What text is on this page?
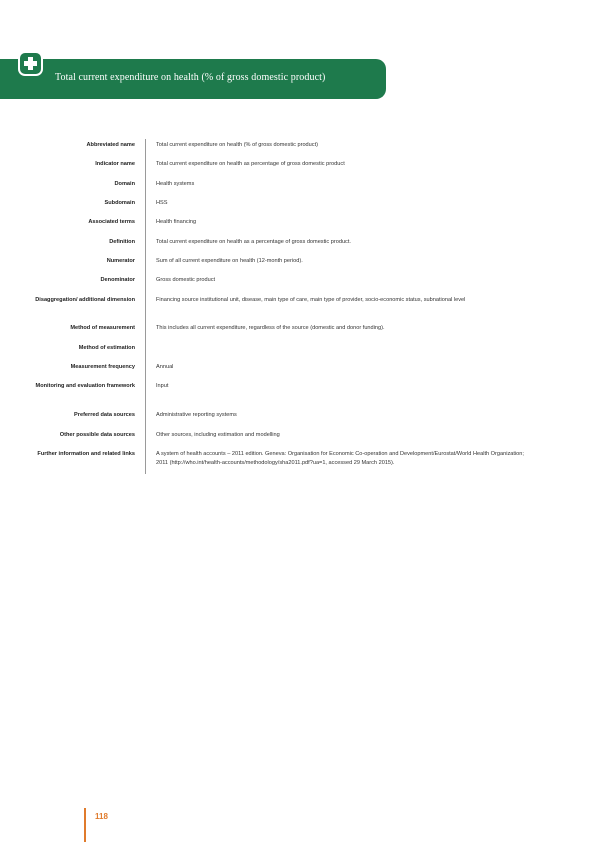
Total current expenditure on health (% of gross domestic product)
Abbreviated name	Total current expenditure on health (% of gross domestic product)
Indicator name	Total current expenditure on health as percentage of gross domestic product
Domain	Health systems
Subdomain	HSS
Associated terms	Health financing
Definition	Total current expenditure on health as a percentage of gross domestic product.
Numerator	Sum of all current expenditure on health (12-month period).
Denominator	Gross domestic product
Disaggregation/ additional dimension	Financing source institutional unit, disease, main type of care, main type of provider, socio-economic status, subnational level
Method of measurement	This includes all current expenditure, regardless of the source (domestic and donor funding).
Method of estimation
Measurement frequency	Annual
Monitoring and evaluation framework	Input
Preferred data sources	Administrative reporting systems
Other possible data sources	Other sources, including estimation and modelling
Further information and related links	A system of health accounts – 2011 edition. Geneva: Organisation for Economic Co-operation and Development/Eurostat/World Health Organization; 2011 (http://who.int/health-accounts/methodology/sha2011.pdf?ua=1, accessed 29 March 2015).
118
